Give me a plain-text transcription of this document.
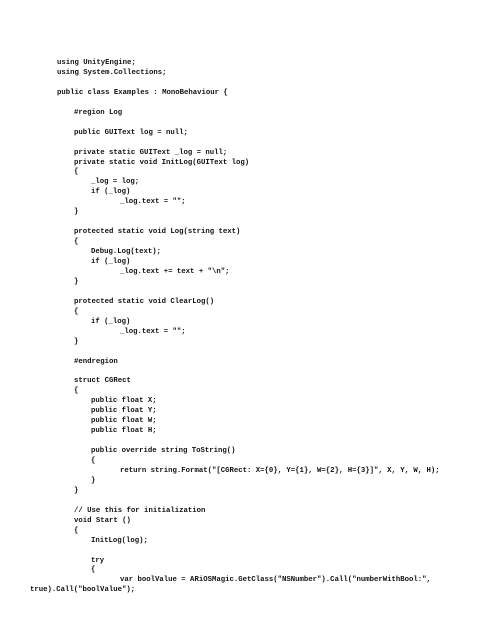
using UnityEngine;
using System.Collections;
public class Examples : MonoBehaviour {
#region Log
public GUIText log = null;
private static GUIText _log = null;
private static void InitLog(GUIText log)
{
_log = log;
if (_log)
_log.text = "";
}
protected static void Log(string text)
{
Debug.Log(text);
if (_log)
_log.text += text + "\n";
}
protected static void ClearLog()
{
if (_log)
_log.text = "";
}
#endregion
struct CGRect
{
public float X;
public float Y;
public float W;
public float H;
public override string ToString()
{
return string.Format("[CGRect: X={0}, Y={1}, W={2}, H={3}]", X, Y, W, H);
}
}
// Use this for initialization
void Start ()
{
InitLog(log);
try
{
var boolValue = ARiOSMagic.GetClass("NSNumber").Call("numberWithBool:",
true).Call("boolValue");
